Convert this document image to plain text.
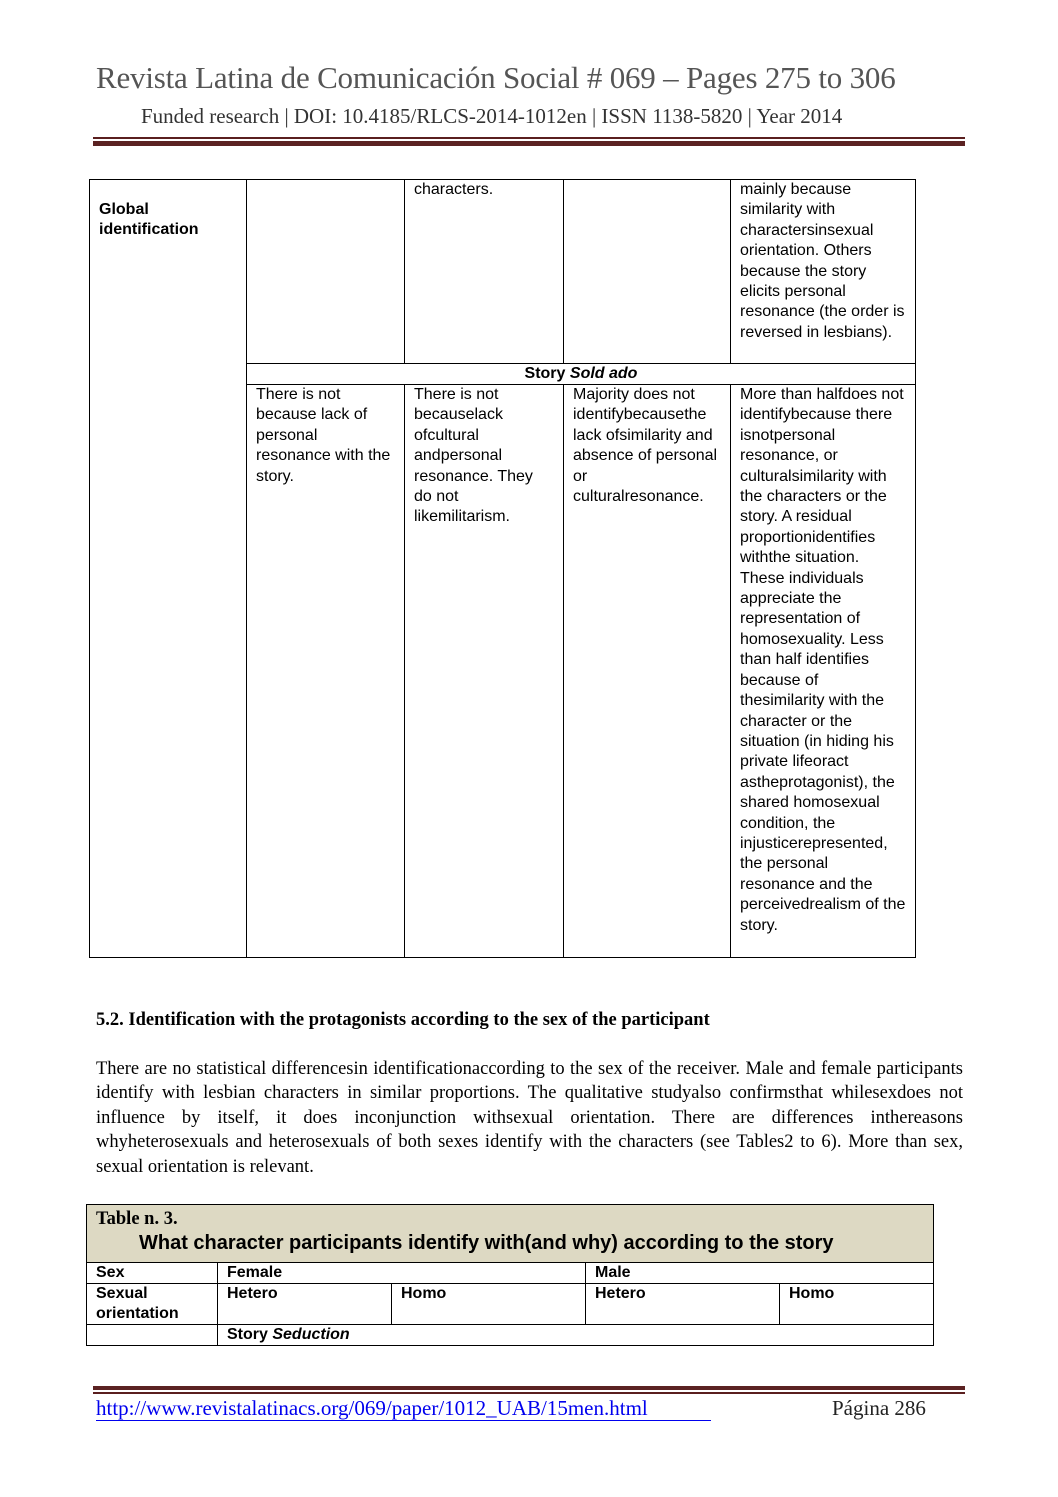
Revista Latina de Comunicación Social # 069 – Pages 275 to 306
Funded research | DOI: 10.4185/RLCS-2014-1012en | ISSN 1138-5820 | Year 2014
Global identification		characters.		mainly because similarity with charactersinsexual orientation. Others because the story elicits personal resonance (the order is reversed in lesbians).
	Story Sold ado			
	There is not because lack of personal resonance with the story.	There is not becauselack ofcultural andpersonal resonance. They do not likemilitarism.	Majority does not identifybecausethe lack ofsimilarity and absence of personal or culturalresonance.	More than halfdoes not identifybecause there isnotpersonal resonance, or culturalsimilarity with the characters or the story. A residual proportionidentifies withthe situation. These individuals appreciate the representation of homosexuality. Less than half identifies because of thesimilarity with the character or the situation (in hiding his private lifeoract astheprotagonist), the shared homosexual condition, the injusticerepresented, the personal resonance and the perceivedrealism of the story.
5.2. Identification with the protagonists according to the sex of the participant
There are no statistical differencesin identificationaccording to the sex of the receiver. Male and female participants identify with lesbian characters in similar proportions. The qualitative studyalso confirmsthat whilesexdoes not influence by itself, it does inconjunction withsexual orientation. There are differences inthereasons whyheterosexuals and heterosexuals of both sexes identify with the characters (see Tables2 to 6). More than sex, sexual orientation is relevant.
Table n. 3.
What character participants identify with(and why) according to the story				

Sex	Female		Male	
Sexual orientation	Hetero	Homo	Hetero	Homo
	Story Seduction			
http://www.revistalatinacs.org/069/paper/1012_UAB/15men.html	Página 286
